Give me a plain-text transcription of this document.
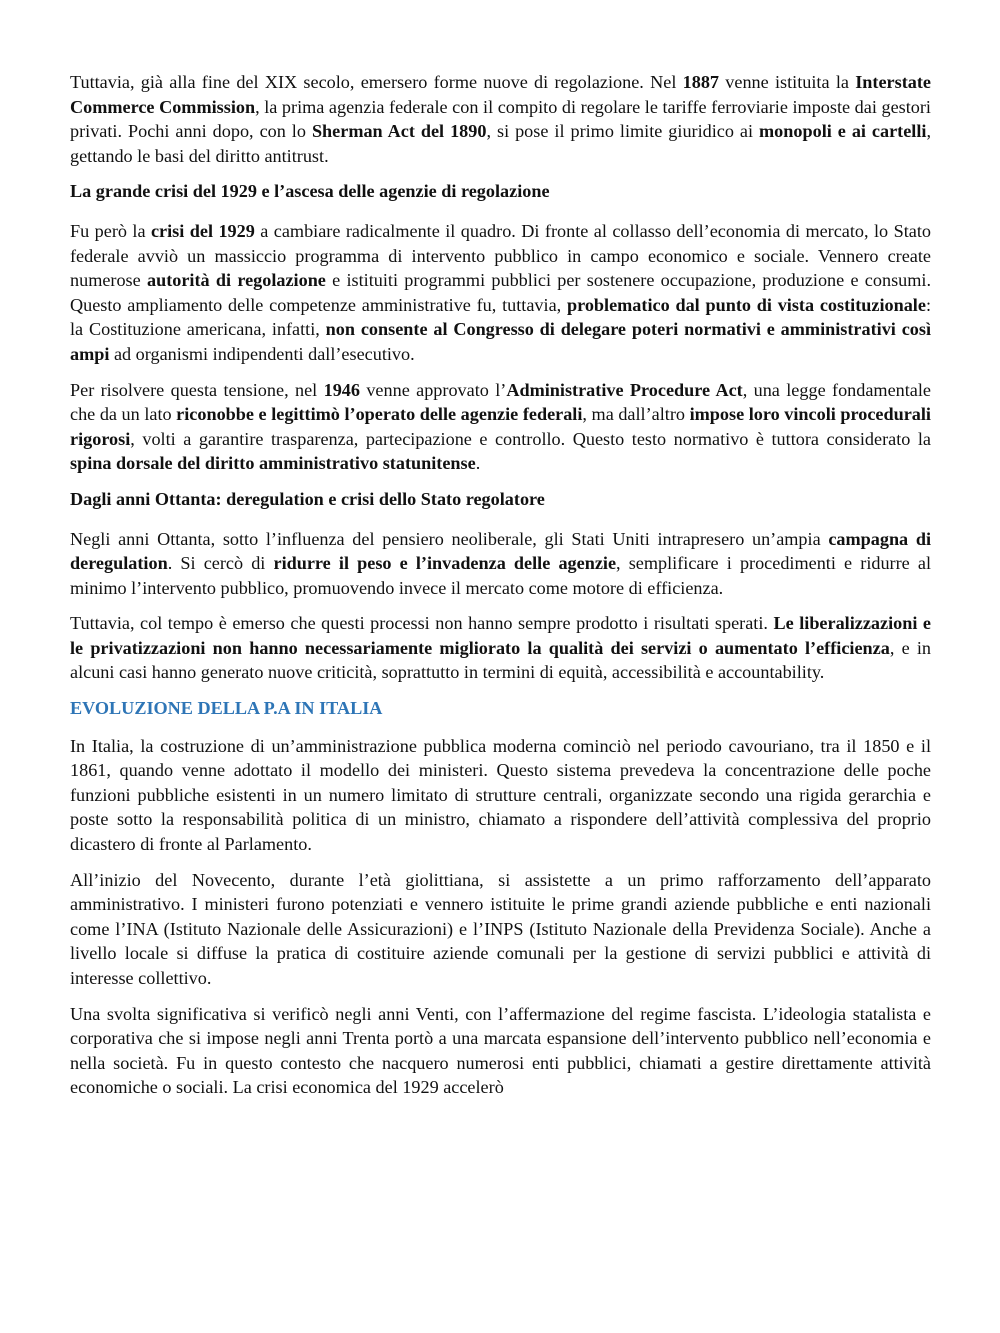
Tuttavia, già alla fine del XIX secolo, emersero forme nuove di regolazione. Nel 1887 venne istituita la Interstate Commerce Commission, la prima agenzia federale con il compito di regolare le tariffe ferroviarie imposte dai gestori privati. Pochi anni dopo, con lo Sherman Act del 1890, si pose il primo limite giuridico ai monopoli e ai cartelli, gettando le basi del diritto antitrust.

La grande crisi del 1929 e l’ascesa delle agenzie di regolazione

Fu però la crisi del 1929 a cambiare radicalmente il quadro. Di fronte al collasso dell’economia di mercato, lo Stato federale avviò un massiccio programma di intervento pubblico in campo economico e sociale. Vennero create numerose autorità di regolazione e istituiti programmi pubblici per sostenere occupazione, produzione e consumi. Questo ampliamento delle competenze amministrative fu, tuttavia, problematico dal punto di vista costituzionale: la Costituzione americana, infatti, non consente al Congresso di delegare poteri normativi e amministrativi così ampi ad organismi indipendenti dall’esecutivo.

Per risolvere questa tensione, nel 1946 venne approvato l’Administrative Procedure Act, una legge fondamentale che da un lato riconobbe e legittimò l’operato delle agenzie federali, ma dall’altro impose loro vincoli procedurali rigorosi, volti a garantire trasparenza, partecipazione e controllo. Questo testo normativo è tuttora considerato la spina dorsale del diritto amministrativo statunitense.

Dagli anni Ottanta: deregulation e crisi dello Stato regolatore

Negli anni Ottanta, sotto l’influenza del pensiero neoliberale, gli Stati Uniti intrapresero un’ampia campagna di deregulation. Si cercò di ridurre il peso e l’invadenza delle agenzie, semplificare i procedimenti e ridurre al minimo l’intervento pubblico, promuovendo invece il mercato come motore di efficienza.

Tuttavia, col tempo è emerso che questi processi non hanno sempre prodotto i risultati sperati. Le liberalizzazioni e le privatizzazioni non hanno necessariamente migliorato la qualità dei servizi o aumentato l’efficienza, e in alcuni casi hanno generato nuove criticità, soprattutto in termini di equità, accessibilità e accountability.

EVOLUZIONE DELLA P.A IN ITALIA

In Italia, la costruzione di un’amministrazione pubblica moderna cominciò nel periodo cavouriano, tra il 1850 e il 1861, quando venne adottato il modello dei ministeri. Questo sistema prevedeva la concentrazione delle poche funzioni pubbliche esistenti in un numero limitato di strutture centrali, organizzate secondo una rigida gerarchia e poste sotto la responsabilità politica di un ministro, chiamato a rispondere dell’attività complessiva del proprio dicastero di fronte al Parlamento.

All’inizio del Novecento, durante l’età giolittiana, si assistette a un primo rafforzamento dell’apparato amministrativo. I ministeri furono potenziati e vennero istituite le prime grandi aziende pubbliche e enti nazionali come l’INA (Istituto Nazionale delle Assicurazioni) e l’INPS (Istituto Nazionale della Previdenza Sociale). Anche a livello locale si diffuse la pratica di costituire aziende comunali per la gestione di servizi pubblici e attività di interesse collettivo.

Una svolta significativa si verificò negli anni Venti, con l’affermazione del regime fascista. L’ideologia statalista e corporativa che si impose negli anni Trenta portò a una marcata espansione dell’intervento pubblico nell’economia e nella società. Fu in questo contesto che nacquero numerosi enti pubblici, chiamati a gestire direttamente attività economiche o sociali. La crisi economica del 1929 accelerò
